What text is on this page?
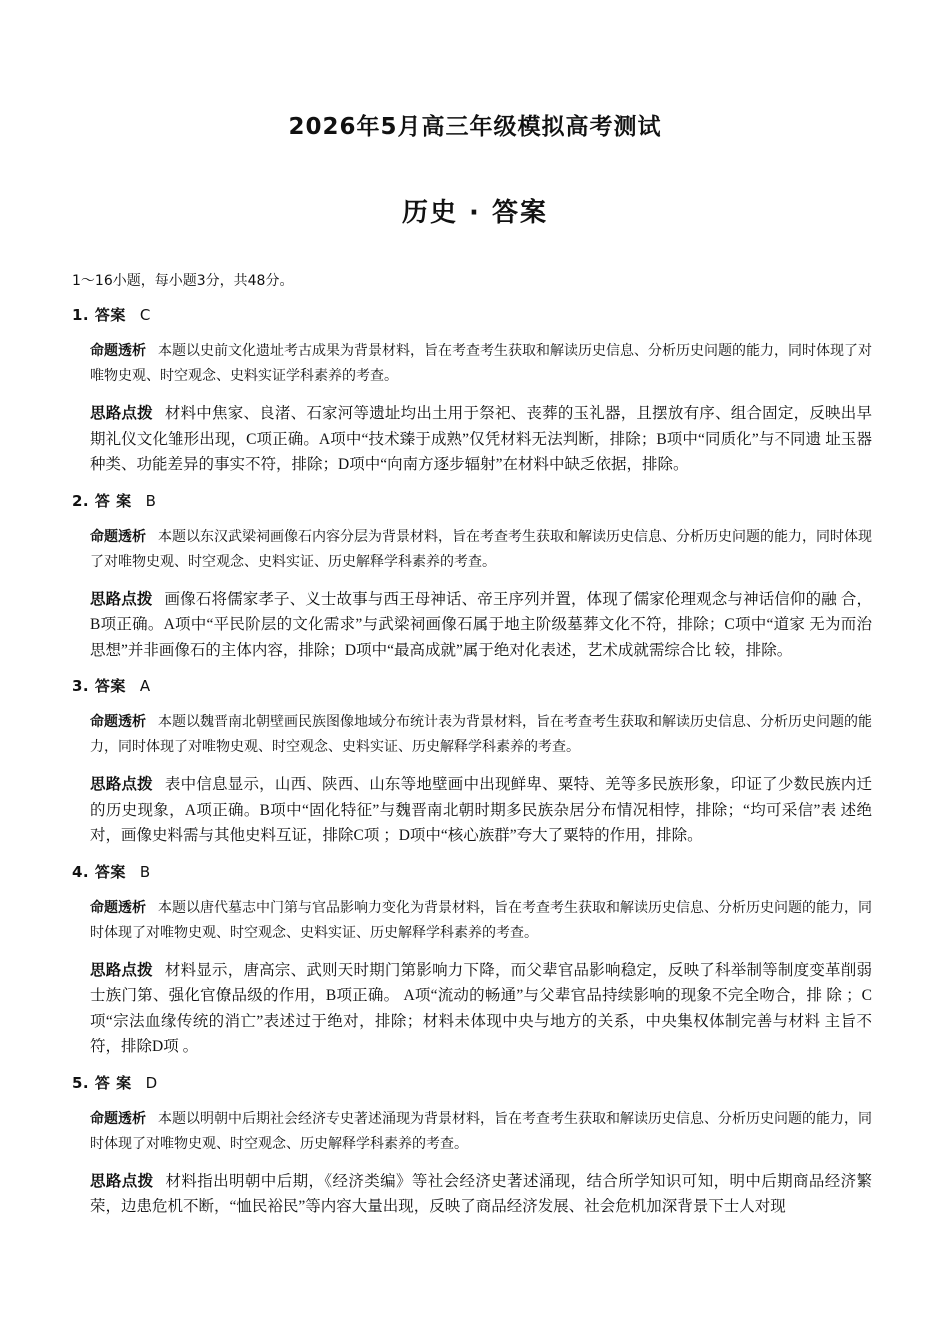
2026年5月高三年级模拟高考测试
历史 · 答案
1～16小题，每小题3分，共48分。
1. 答案 C
命题透析 本题以史前文化遗址考古成果为背景材料，旨在考查考生获取和解读历史信息、分析历史问题的能力，同时体现了对唯物史观、时空观念、史料实证学科素养的考查。
思路点拨 材料中焦家、良渚、石家河等遗址均出土用于祭祀、丧葬的玉礼器，且摆放有序、组合固定，反映出早 期礼仪文化雏形出现，C项正确。A项中“技术臻于成熟”仅凭材料无法判断，排除；B项中“同质化”与不同遗 址玉器种类、功能差异的事实不符，排除；D项中“向南方逐步辐射”在材料中缺乏依据，排除。
2. 答 案 B
命题透析 本题以东汉武梁祠画像石内容分层为背景材料，旨在考查考生获取和解读历史信息、分析历史问题的能力，同时体现了对唯物史观、时空观念、史料实证、历史解释学科素养的考查。
思路点拨 画像石将儒家孝子、义士故事与西王母神话、帝王序列并置，体现了儒家伦理观念与神话信仰的融 合，B项正确。A项中“平民阶层的文化需求”与武梁祠画像石属于地主阶级墓葬文化不符，排除；C项中“道家 无为而治思想”并非画像石的主体内容，排除；D项中“最高成就”属于绝对化表述，艺术成就需综合比 较，排除。
3. 答案 A
命题透析 本题以魏晋南北朝壁画民族图像地域分布统计表为背景材料，旨在考查考生获取和解读历史信息、分析历史问题的能力，同时体现了对唯物史观、时空观念、史料实证、历史解释学科素养的考查。
思路点拨 表中信息显示，山西、陕西、山东等地壁画中出现鲜卑、粟特、羌等多民族形象，印证了少数民族内迁 的历史现象，A项正确。B项中“固化特征”与魏晋南北朝时期多民族杂居分布情况相悖，排除；“均可采信”表 述绝对，画像史料需与其他史料互证，排除C项 ；D项中“核心族群”夸大了粟特的作用，排除。
4. 答案 B
命题透析 本题以唐代墓志中门第与官品影响力变化为背景材料，旨在考查考生获取和解读历史信息、分析历史问题的能力，同时体现了对唯物史观、时空观念、史料实证、历史解释学科素养的考查。
思路点拨 材料显示，唐高宗、武则天时期门第影响力下降，而父辈官品影响稳定，反映了科举制等制度变革削弱士族门第、强化官僚品级的作用，B项正确。 A项“流动的畅通”与父辈官品持续影响的现象不完全吻合，排 除 ；C项“宗法血缘传统的消亡”表述过于绝对，排除；材料未体现中央与地方的关系，中央集权体制完善与材料 主旨不符，排除D项 。
5. 答 案 D
命题透析 本题以明朝中后期社会经济专史著述涌现为背景材料，旨在考查考生获取和解读历史信息、分析历史问题的能力，同时体现了对唯物史观、时空观念、历史解释学科素养的考查。
思路点拨 材料指出明朝中后期，《经济类编》等社会经济史著述涌现，结合所学知识可知，明中后期商品经济繁荣，边患危机不断，“恤民裕民”等内容大量出现，反映了商品经济发展、社会危机加深背景下士人对现
